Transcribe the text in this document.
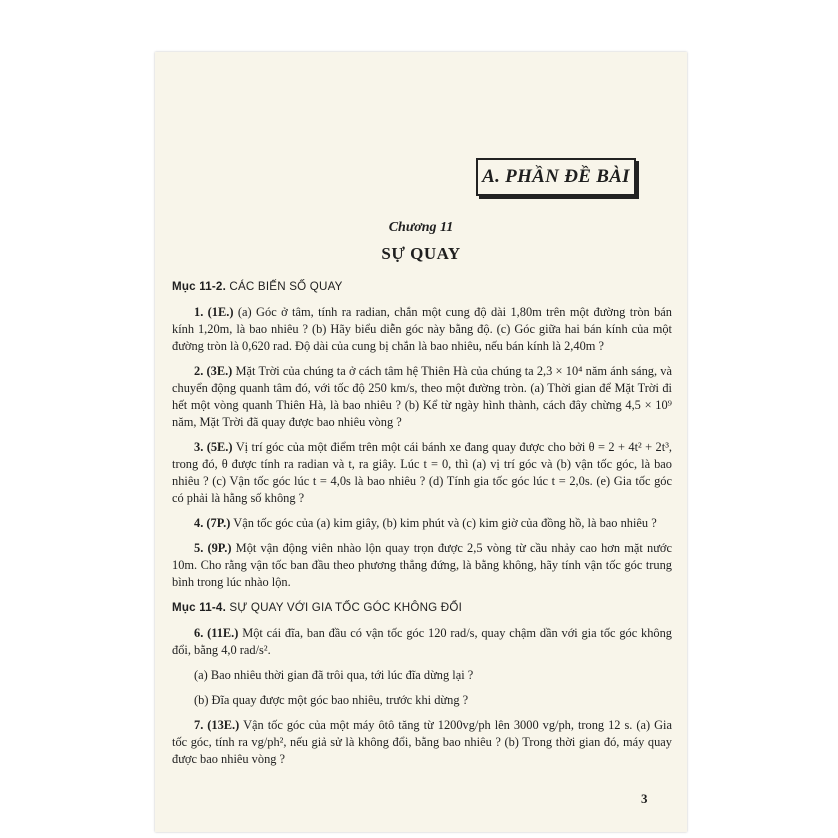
A. PHẦN ĐỀ BÀI
Chương 11
SỰ QUAY

Mục 11-2. CÁC BIẾN SỐ QUAY

1. (1E.) (a) Góc ở tâm, tính ra radian, chắn một cung độ dài 1,80m trên một đường tròn bán kính 1,20m, là bao nhiêu ? (b) Hãy biểu diễn góc này bằng độ. (c) Góc giữa hai bán kính của một đường tròn là 0,620 rad. Độ dài của cung bị chắn là bao nhiêu, nếu bán kính là 2,40m ?

2. (3E.) Mặt Trời của chúng ta ở cách tâm hệ Thiên Hà của chúng ta 2,3 × 10⁴ năm ánh sáng, và chuyển động quanh tâm đó, với tốc độ 250 km/s, theo một đường tròn. (a) Thời gian để Mặt Trời đi hết một vòng quanh Thiên Hà, là bao nhiêu ? (b) Kể từ ngày hình thành, cách đây chừng 4,5 × 10⁹ năm, Mặt Trời đã quay được bao nhiêu vòng ?

3. (5E.) Vị trí góc của một điểm trên một cái bánh xe đang quay được cho bởi θ = 2 + 4t² + 2t³, trong đó, θ được tính ra radian và t, ra giây. Lúc t = 0, thì (a) vị trí góc và (b) vận tốc góc, là bao nhiêu ? (c) Vận tốc góc lúc t = 4,0s là bao nhiêu ? (d) Tính gia tốc góc lúc t = 2,0s. (e) Gia tốc góc có phải là hằng số không ?

4. (7P.) Vận tốc góc của (a) kim giây, (b) kim phút và (c) kim giờ của đồng hồ, là bao nhiêu ?

5. (9P.) Một vận động viên nhào lộn quay trọn được 2,5 vòng từ cầu nhảy cao hơn mặt nước 10m. Cho rằng vận tốc ban đầu theo phương thẳng đứng, là bằng không, hãy tính vận tốc góc trung bình trong lúc nhào lộn.

Mục 11-4. SỰ QUAY VỚI GIA TỐC GÓC KHÔNG ĐỔI

6. (11E.) Một cái đĩa, ban đầu có vận tốc góc 120 rad/s, quay chậm dần với gia tốc góc không đổi, bằng 4,0 rad/s².

(a) Bao nhiêu thời gian đã trôi qua, tới lúc đĩa dừng lại ?

(b) Đĩa quay được một góc bao nhiêu, trước khi dừng ?

7. (13E.) Vận tốc góc của một máy ôtô tăng từ 1200vg/ph lên 3000 vg/ph, trong 12 s. (a) Gia tốc góc, tính ra vg/ph², nếu giả sử là không đổi, bằng bao nhiêu ? (b) Trong thời gian đó, máy quay được bao nhiêu vòng ?

3
